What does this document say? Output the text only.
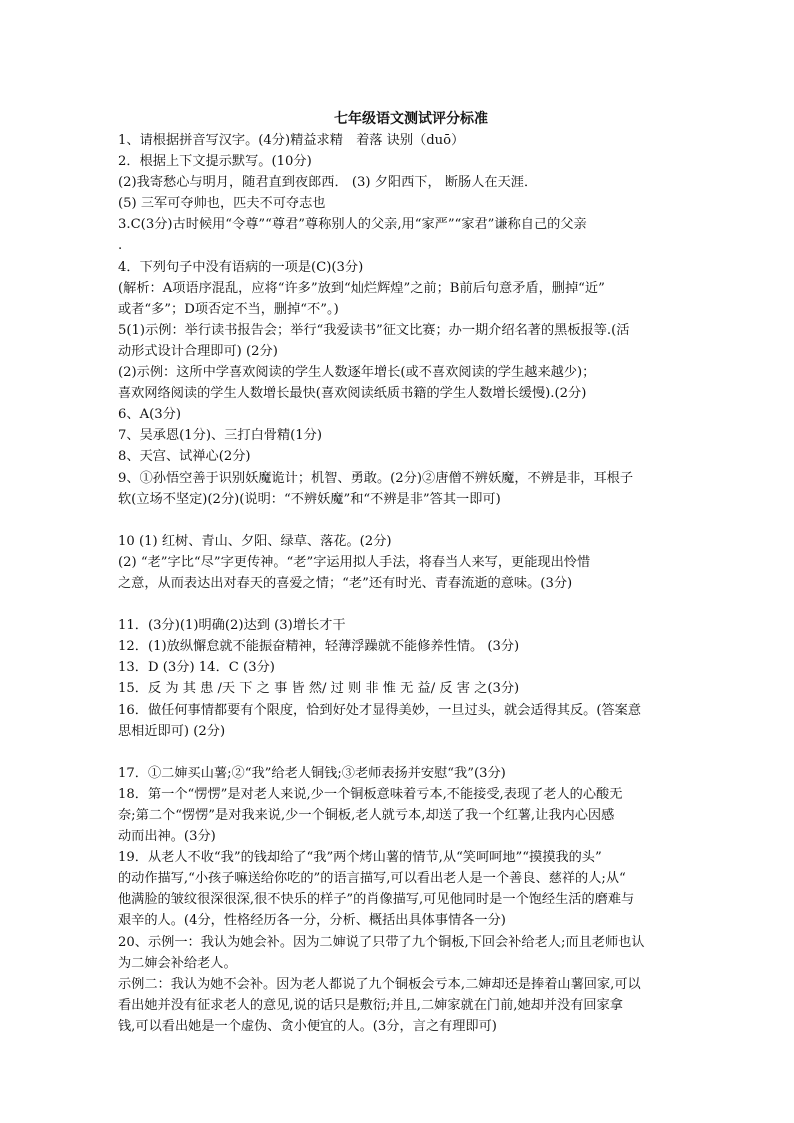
七年级语文测试评分标准
1、请根据拼音写汉字。(4分)精益求精　着落 诀别（duō）
2．根据上下文提示默写。(10分)
(2)我寄愁心与明月，随君直到夜郎西． (3) 夕阳西下， 断肠人在天涯．
(5) 三军可夺帅也，匹夫不可夺志也
3.C(3分)古时候用“令尊”“尊君”尊称别人的父亲,用“家严”“家君”谦称自己的父亲
.
4．下列句子中没有语病的一项是(C)(3分)
(解析：A项语序混乱，应将“许多”放到“灿烂辉煌”之前；B前后句意矛盾，删掉“近”
或者“多”；D项否定不当，删掉“不”。)
5(1)示例：举行读书报告会；举行“我爱读书”征文比赛；办一期介绍名著的黑板报等.(活
动形式设计合理即可) (2分)
(2)示例：这所中学喜欢阅读的学生人数逐年增长(或不喜欢阅读的学生越来越少)；
喜欢网络阅读的学生人数增长最快(喜欢阅读纸质书籍的学生人数增长缓慢).(2分)
6、A(3分)
7、吴承恩(1分)、三打白骨精(1分)
8、天宫、试禅心(2分)
9、①孙悟空善于识别妖魔诡计；机智、勇敢。(2分)②唐僧不辨妖魔，不辨是非，耳根子
软(立场不坚定)(2分)(说明：“不辨妖魔”和“不辨是非”答其一即可)
10 (1) 红树、青山、夕阳、绿草、落花。(2分)
(2) “老”字比“尽”字更传神。“老”字运用拟人手法，将春当人来写，更能现出怜惜
之意，从而表达出对春天的喜爱之情；“老”还有时光、青春流逝的意味。(3分)
11．(3分)(1)明确(2)达到 (3)增长才干
12．(1)放纵懈怠就不能振奋精神，轻薄浮躁就不能修养性情。 (3分)
13．D (3分) 14．C (3分)
15．反 为 其 患 /天 下 之 事 皆 然/ 过 则 非 惟 无 益/ 反 害 之(3分)
16．做任何事情都要有个限度，恰到好处才显得美妙，一旦过头，就会适得其反。(答案意
思相近即可) (2分)
17．①二婶买山薯;②“我”给老人铜钱;③老师表扬并安慰“我”(3分)
18．第一个“愣愣”是对老人来说,少一个铜板意味着亏本,不能接受,表现了老人的心酸无
奈;第二个“愣愣”是对我来说,少一个铜板,老人就亏本,却送了我一个红薯,让我内心因感
动而出神。(3分)
19．从老人不收“我”的钱却给了“我”两个烤山薯的情节,从“笑呵呵地”“摸摸我的头”
的动作描写,“小孩子嘛送给你吃的”的语言描写,可以看出老人是一个善良、慈祥的人;从“
他满脸的皱纹很深很深,很不快乐的样子”的肖像描写,可见他同时是一个饱经生活的磨难与
艰辛的人。(4分，性格经历各一分，分析、概括出具体事情各一分)
20、示例一：我认为她会补。因为二婶说了只带了九个铜板,下回会补给老人;而且老师也认
为二婶会补给老人。
示例二：我认为她不会补。因为老人都说了九个铜板会亏本,二婶却还是捧着山薯回家,可以
看出她并没有征求老人的意见,说的话只是敷衍;并且,二婶家就在门前,她却并没有回家拿
钱,可以看出她是一个虚伪、贪小便宜的人。(3分，言之有理即可)
